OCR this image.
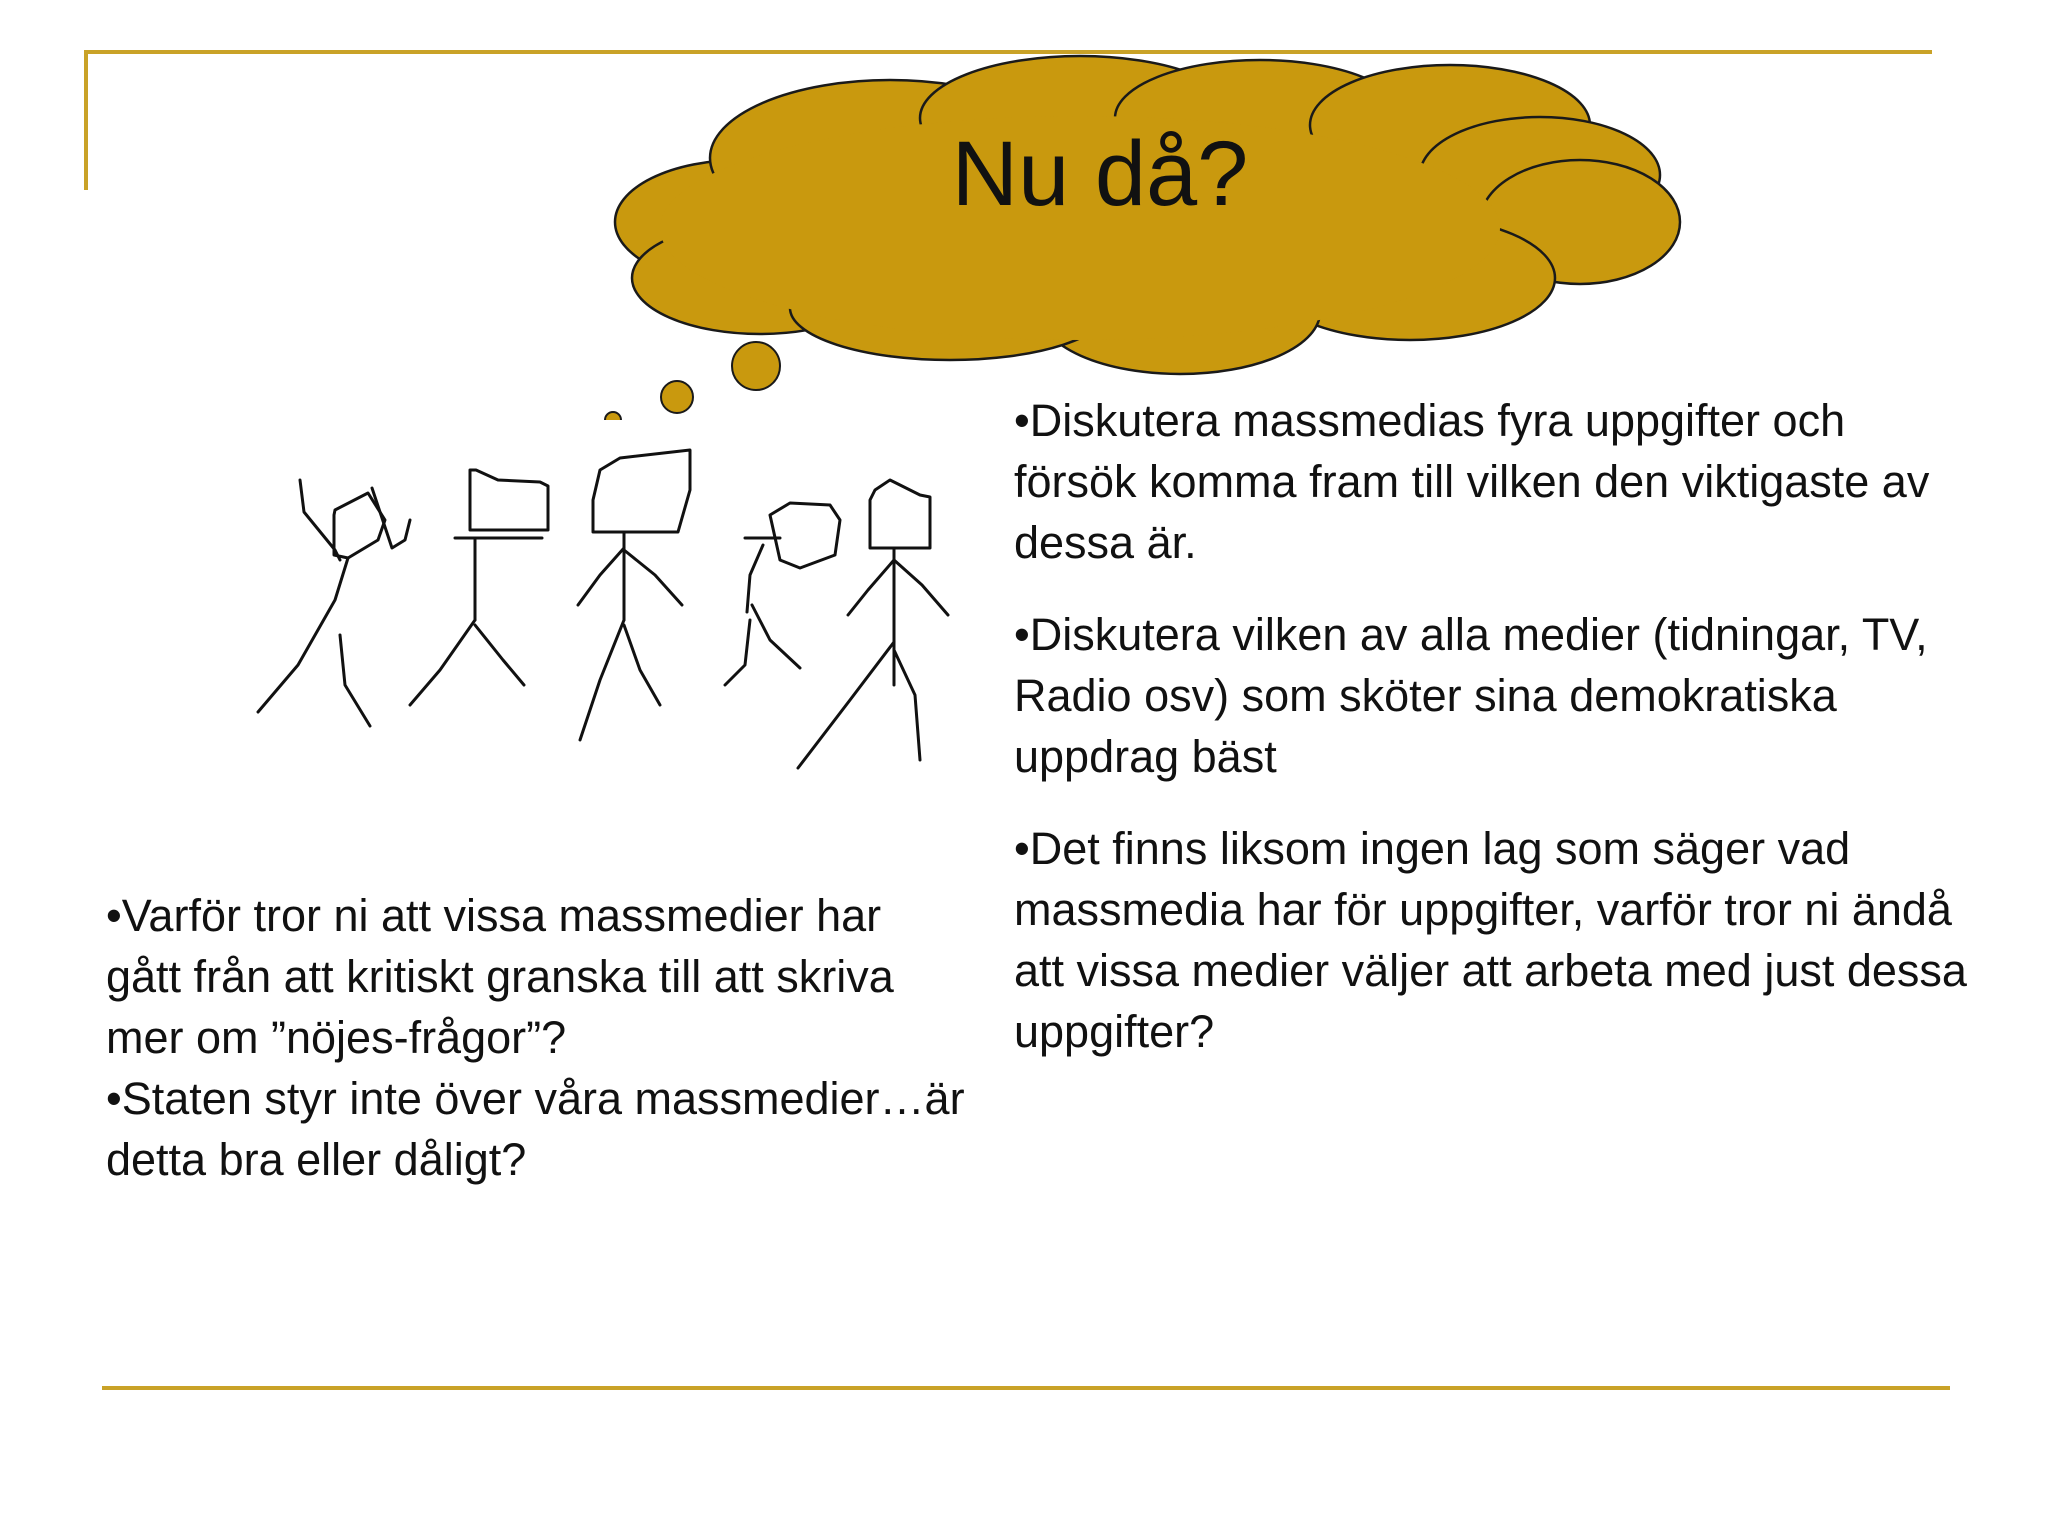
Nu då?

•Diskutera massmedias fyra uppgifter och försök komma fram till vilken den viktigaste av dessa är.

•Diskutera vilken av alla medier (tidningar, TV, Radio osv) som sköter sina demokratiska uppdrag bäst

•Det finns liksom ingen lag som säger vad massmedia har för uppgifter, varför tror ni ändå att vissa medier väljer att arbeta med just dessa uppgifter?

•Varför tror ni att vissa massmedier har gått från att kritiskt granska till att skriva mer om ”nöjes-frågor”?

•Staten styr inte över våra massmedier…är detta bra eller dåligt?
